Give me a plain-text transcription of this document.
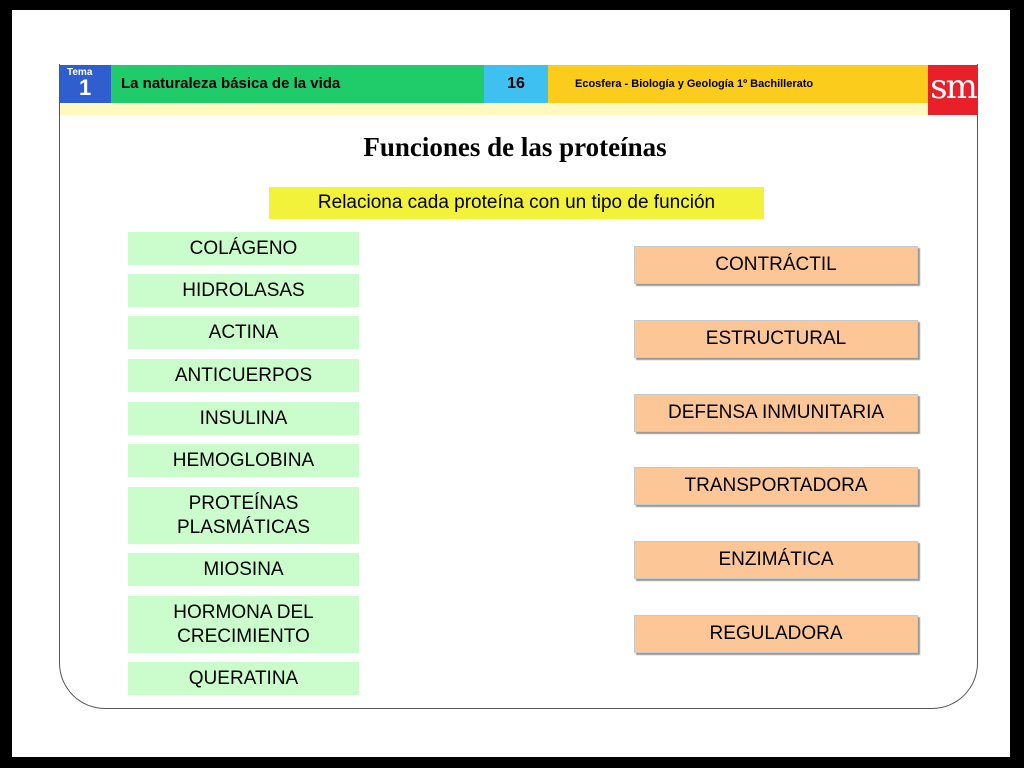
Tema
1	La naturaleza básica de la vida	16	Ecosfera - Biología y Geología 1º Bachillerato	sm
Funciones de las proteínas
Relaciona cada proteína con un tipo de función
COLÁGENO
HIDROLASAS
ACTINA
ANTICUERPOS
INSULINA
HEMOGLOBINA
PROTEÍNAS
PLASMÁTICAS
MIOSINA
HORMONA DEL
CRECIMIENTO
QUERATINA
CONTRÁCTIL
ESTRUCTURAL
DEFENSA INMUNITARIA
TRANSPORTADORA
ENZIMÁTICA
REGULADORA
